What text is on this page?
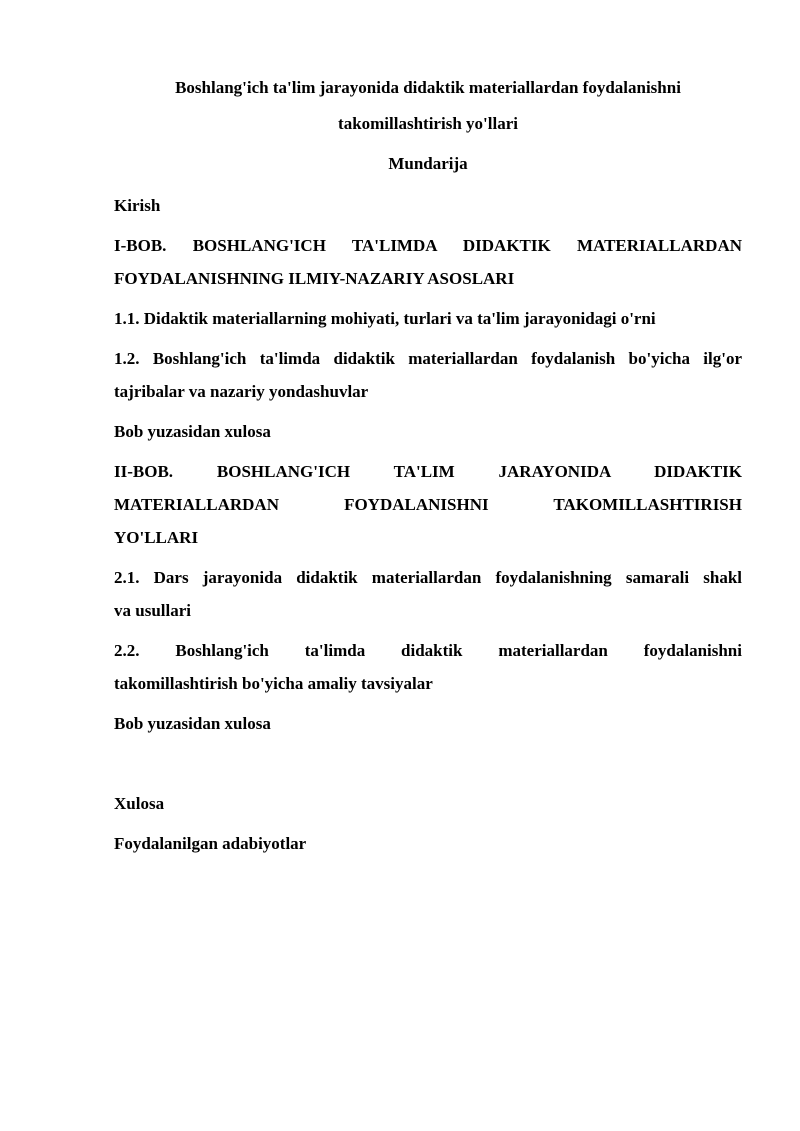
Boshlang'ich ta'lim jarayonida didaktik materiallardan foydalanishni takomillashtirish yo'llari

Mundarija

Kirish

I-BOB. BOSHLANG'ICH TA'LIMDA DIDAKTIK MATERIALLARDAN
FOYDALANISHNING ILMIY-NAZARIY ASOSLARI

1.1. Didaktik materiallarning mohiyati, turlari va ta'lim jarayonidagi o'rni

1.2. Boshlang'ich ta'limda didaktik materiallardan foydalanish bo'yicha ilg'or
tajribalar va nazariy yondashuvlar

Bob yuzasidan xulosa

II-BOB. BOSHLANG'ICH TA'LIM JARAYONIDA DIDAKTIK
MATERIALLARDAN FOYDALANISHNI TAKOMILLASHTIRISH
YO'LLARI

2.1. Dars jarayonida didaktik materiallardan foydalanishning samarali shakl
va usullari

2.2. Boshlang'ich ta'limda didaktik materiallardan foydalanishni
takomillashtirish bo'yicha amaliy tavsiyalar

Bob yuzasidan xulosa

Xulosa

Foydalanilgan adabiyotlar
